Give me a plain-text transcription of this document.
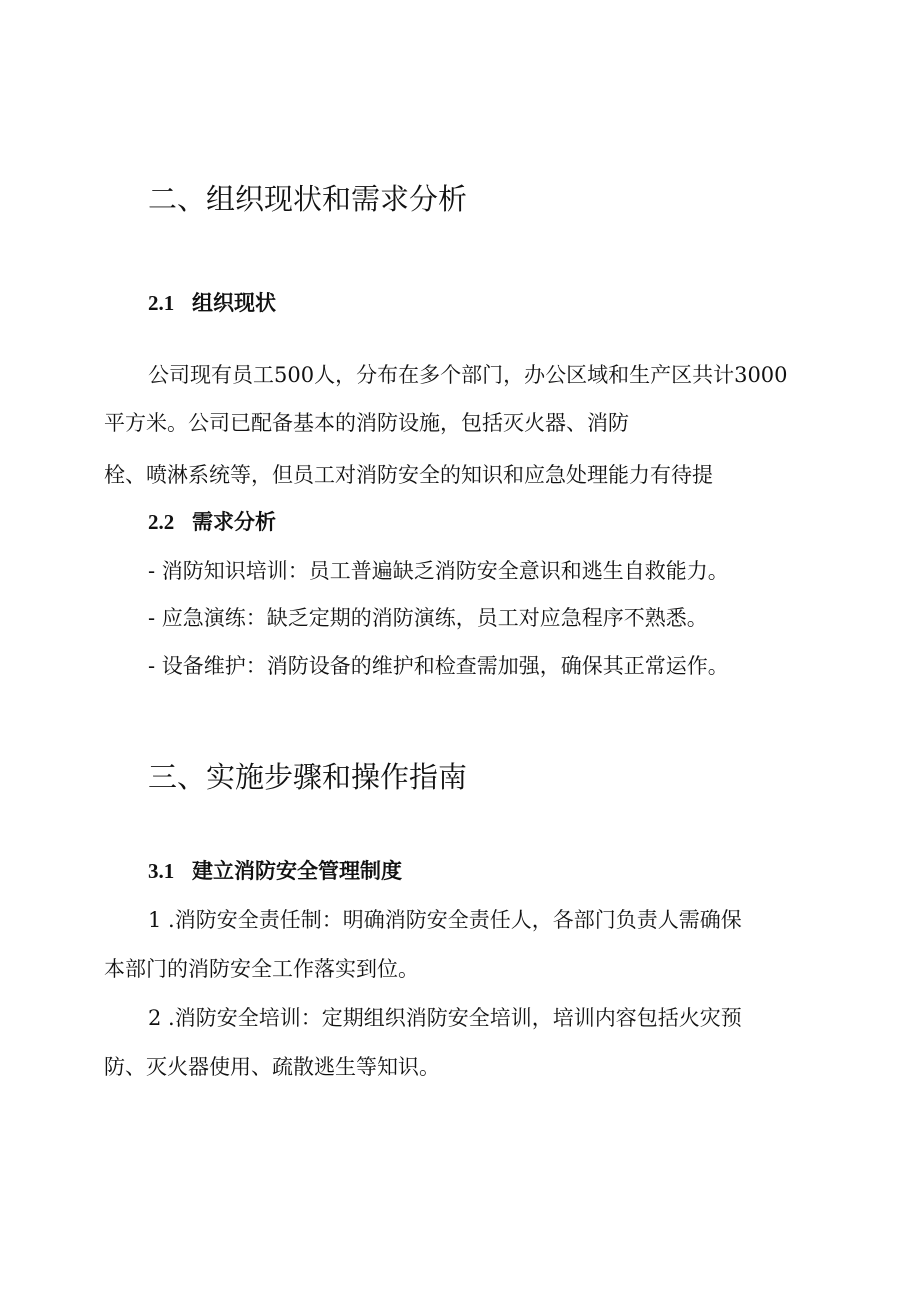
二、组织现状和需求分析
2.1 组织现状

公司现有员工500人，分布在多个部门，办公区域和生产区共计3000

平方米。公司已配备基本的消防设施，包括灭火器、消防

栓、喷淋系统等，但员工对消防安全的知识和应急处理能力有待提

2.2 需求分析

- 消防知识培训：员工普遍缺乏消防安全意识和逃生自救能力。

- 应急演练：缺乏定期的消防演练，员工对应急程序不熟悉。

- 设备维护：消防设备的维护和检查需加强，确保其正常运作。

三、实施步骤和操作指南
3.1 建立消防安全管理制度

1 .消防安全责任制：明确消防安全责任人，各部门负责人需确保

本部门的消防安全工作落实到位。

2 .消防安全培训：定期组织消防安全培训，培训内容包括火灾预

防、灭火器使用、疏散逃生等知识。
